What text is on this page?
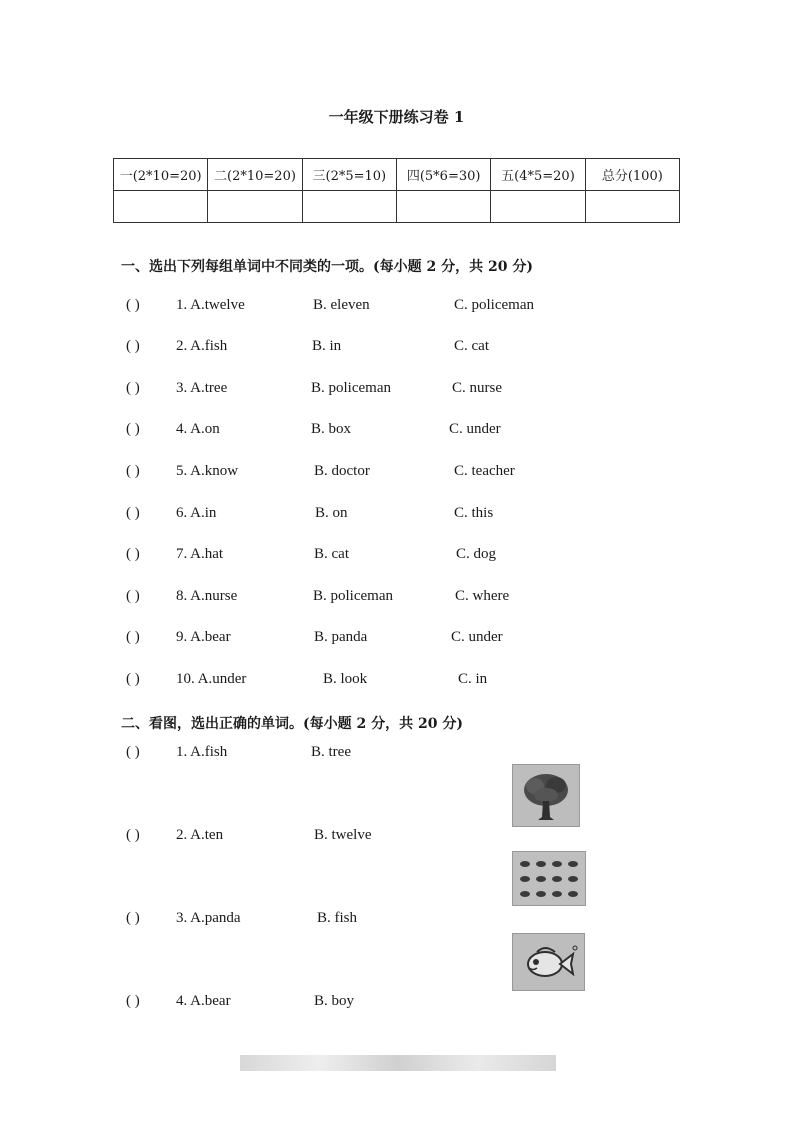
一年级下册练习卷 1
一(2*10=20)	二(2*10=20)	三(2*5=10)	四(5*6=30)	五(4*5=20)	总分(100)

一、选出下列每组单词中不同类的一项。(每小题 2 分，共 20 分)
( ) 1. A.twelve	B. eleven	C. policeman
( ) 2. A.fish	B. in	C. cat
( ) 3. A.tree	B. policeman	C. nurse
( ) 4. A.on	B. box	C. under
( ) 5. A.know	B. doctor	C. teacher
( ) 6. A.in	B. on	C. this
( ) 7. A.hat	B. cat	C. dog
( ) 8. A.nurse	B. policeman	C. where
( ) 9. A.bear	B. panda	C. under
( ) 10. A.under	B. look	C. in
二、看图，选出正确的单词。(每小题 2 分，共 20 分)
( ) 1. A.fish	B. tree
( ) 2. A.ten	B. twelve
( ) 3. A.panda	B. fish
( ) 4. A.bear	B. boy
